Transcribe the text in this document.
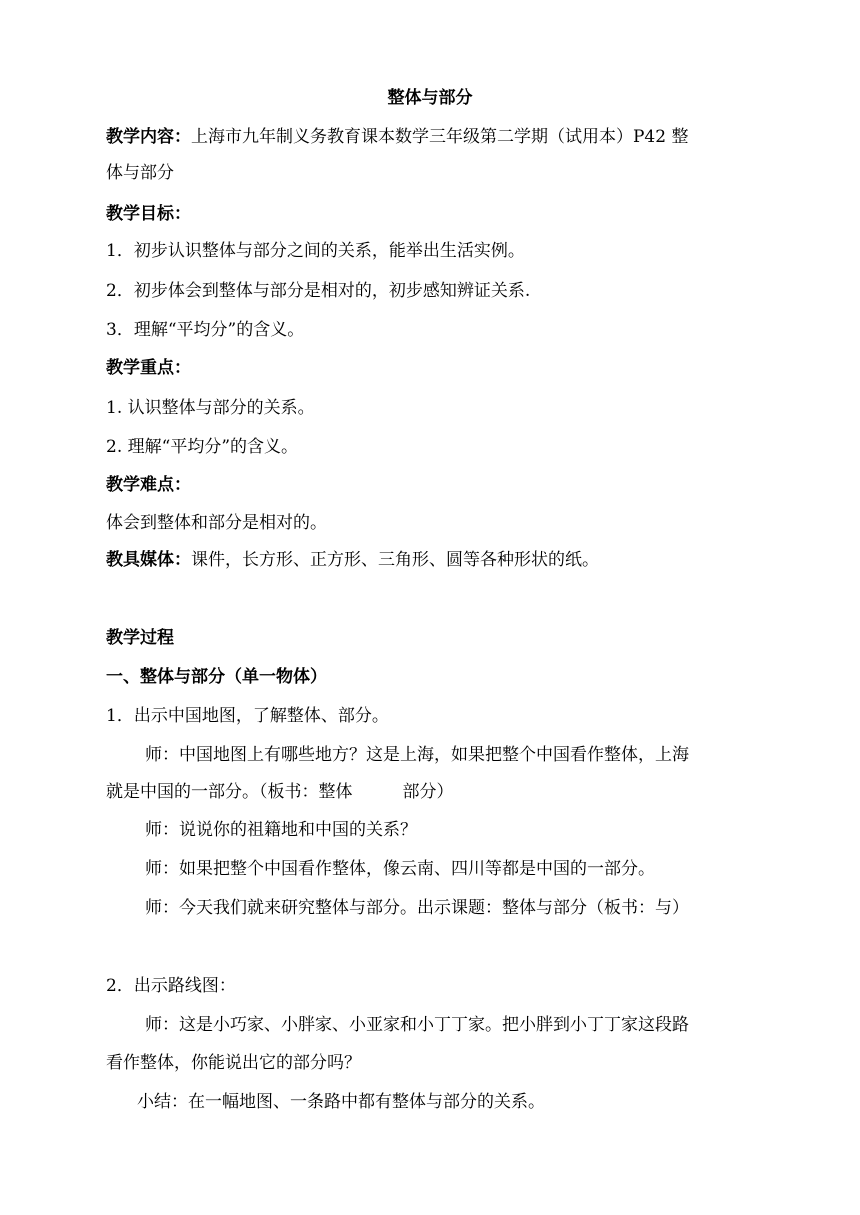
整体与部分
教学内容：上海市九年制义务教育课本数学三年级第二学期（试用本）P42 整
体与部分
教学目标：
1．初步认识整体与部分之间的关系，能举出生活实例。
2．初步体会到整体与部分是相对的，初步感知辨证关系.
3．理解“平均分”的含义。
教学重点：
1. 认识整体与部分的关系。
2. 理解“平均分”的含义。
教学难点：
体会到整体和部分是相对的。
教具媒体：课件，长方形、正方形、三角形、圆等各种形状的纸。
教学过程
一、整体与部分（单一物体）
1．出示中国地图，了解整体、部分。
师：中国地图上有哪些地方？这是上海，如果把整个中国看作整体，上海
就是中国的一部分。（板书：整体	部分）
师：说说你的祖籍地和中国的关系？
师：如果把整个中国看作整体，像云南、四川等都是中国的一部分。
师：今天我们就来研究整体与部分。出示课题：整体与部分（板书：与）
2．出示路线图：
师：这是小巧家、小胖家、小亚家和小丁丁家。把小胖到小丁丁家这段路
看作整体，你能说出它的部分吗？
小结：在一幅地图、一条路中都有整体与部分的关系。
